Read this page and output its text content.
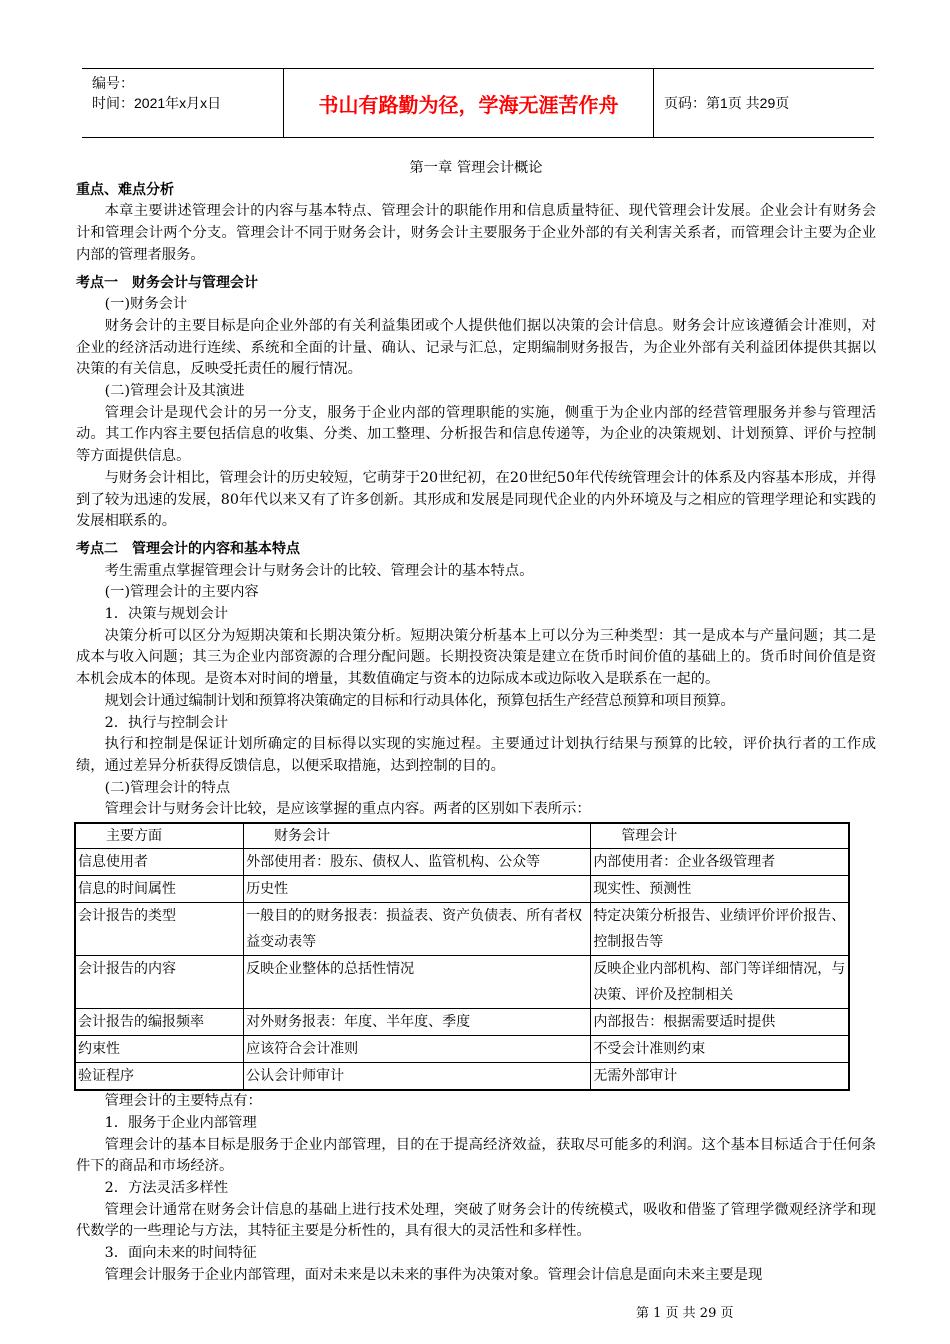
编号：
时间：2021年x月x日	书山有路勤为径，学海无涯苦作舟	页码：第1页 共29页
第一章 管理会计概论
重点、难点分析

本章主要讲述管理会计的内容与基本特点、管理会计的职能作用和信息质量特征、现代管理会计发展。企业会计有财务会计和管理会计两个分支。管理会计不同于财务会计，财务会计主要服务于企业外部的有关利害关系者，而管理会计主要为企业内部的管理者服务。

考点一　财务会计与管理会计

(一)财务会计

财务会计的主要目标是向企业外部的有关利益集团或个人提供他们据以决策的会计信息。财务会计应该遵循会计准则，对企业的经济活动进行连续、系统和全面的计量、确认、记录与汇总，定期编制财务报告，为企业外部有关利益团体提供其据以决策的有关信息，反映受托责任的履行情况。

(二)管理会计及其演进

管理会计是现代会计的另一分支，服务于企业内部的管理职能的实施，侧重于为企业内部的经营管理服务并参与管理活动。其工作内容主要包括信息的收集、分类、加工整理、分析报告和信息传递等，为企业的决策规划、计划预算、评价与控制等方面提供信息。

与财务会计相比，管理会计的历史较短，它萌芽于20世纪初，在20世纪50年代传统管理会计的体系及内容基本形成，并得到了较为迅速的发展，80年代以来又有了许多创新。其形成和发展是同现代企业的内外环境及与之相应的管理学理论和实践的发展相联系的。

考点二　管理会计的内容和基本特点

考生需重点掌握管理会计与财务会计的比较、管理会计的基本特点。

(一)管理会计的主要内容

1．决策与规划会计

决策分析可以区分为短期决策和长期决策分析。短期决策分析基本上可以分为三种类型：其一是成本与产量问题；其二是成本与收入问题；其三为企业内部资源的合理分配问题。长期投资决策是建立在货币时间价值的基础上的。货币时间价值是资本机会成本的体现。是资本对时间的增量，其数值确定与资本的边际成本或边际收入是联系在一起的。

规划会计通过编制计划和预算将决策确定的目标和行动具体化，预算包括生产经营总预算和项目预算。

2．执行与控制会计

执行和控制是保证计划所确定的目标得以实现的实施过程。主要通过计划执行结果与预算的比较，评价执行者的工作成绩，通过差异分析获得反馈信息，以便采取措施，达到控制的目的。

(二)管理会计的特点

管理会计与财务会计比较，是应该掌握的重点内容。两者的区别如下表所示：

主要方面	财务会计	管理会计
信息使用者	外部使用者：股东、债权人、监管机构、公众等	内部使用者：企业各级管理者
信息的时间属性	历史性	现实性、预测性
会计报告的类型	一般目的的财务报表：损益表、资产负债表、所有者权益变动表等	特定决策分析报告、业绩评价评价报告、控制报告等
会计报告的内容	反映企业整体的总括性情况	反映企业内部机构、部门等详细情况，与决策、评价及控制相关
会计报告的编报频率	对外财务报表：年度、半年度、季度	内部报告：根据需要适时提供
约束性	应该符合会计准则	不受会计准则约束
验证程序	公认会计师审计	无需外部审计

管理会计的主要特点有：

1．服务于企业内部管理

管理会计的基本目标是服务于企业内部管理，目的在于提高经济效益，获取尽可能多的利润。这个基本目标适合于任何条件下的商品和市场经济。

2．方法灵活多样性

管理会计通常在财务会计信息的基础上进行技术处理，突破了财务会计的传统模式，吸收和借鉴了管理学微观经济学和现代数学的一些理论与方法，其特征主要是分析性的，具有很大的灵活性和多样性。

3．面向未来的时间特征

管理会计服务于企业内部管理，面对未来是以未来的事件为决策对象。管理会计信息是面向未来主要是现

第 1 页 共 29 页
